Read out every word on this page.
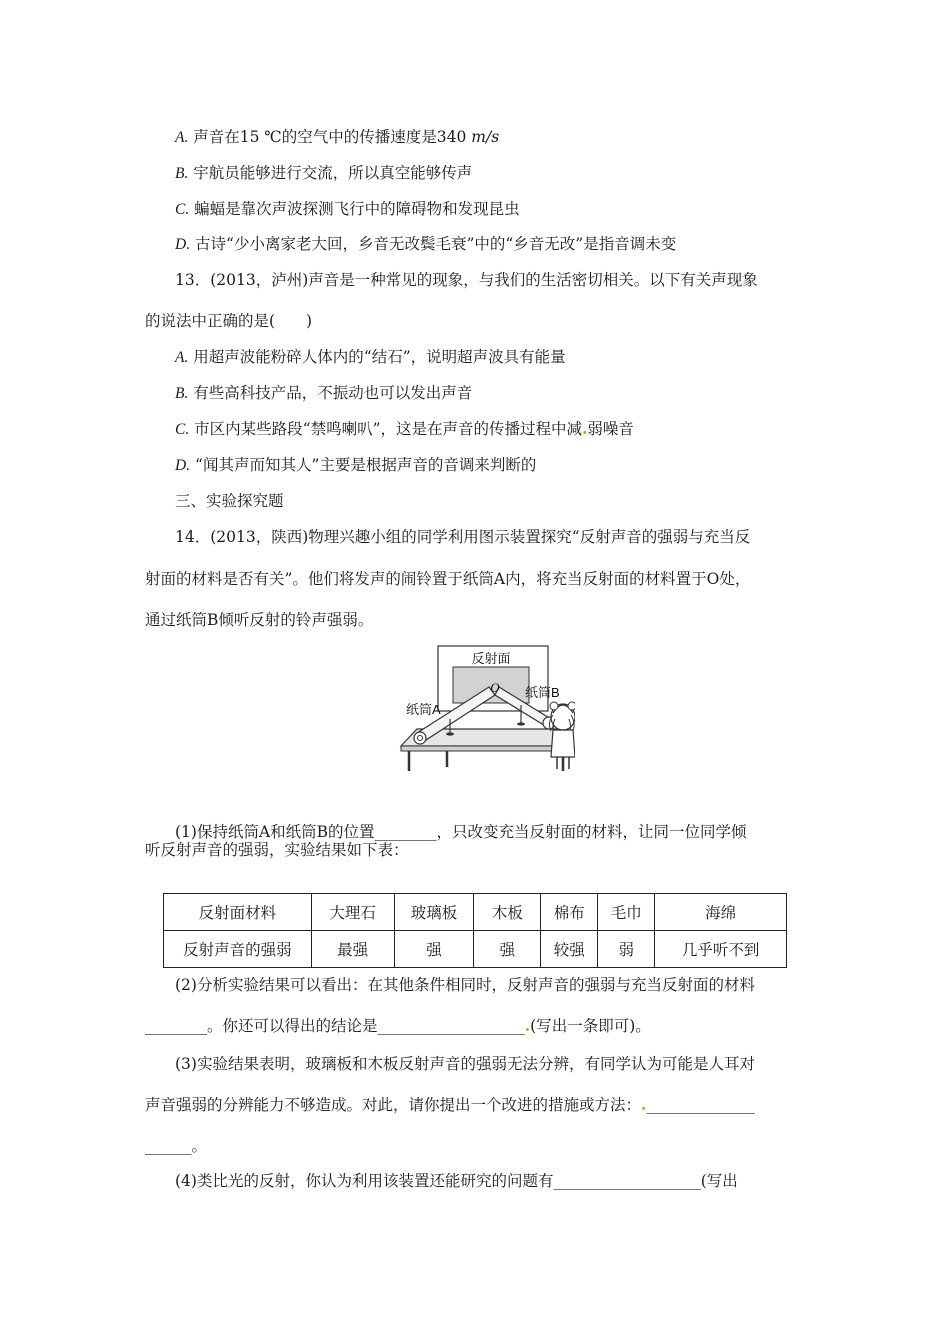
A. 声音在15 ℃的空气中的传播速度是340 m/s
B. 宇航员能够进行交流，所以真空能够传声
C. 蝙蝠是靠次声波探测飞行中的障碍物和发现昆虫
D. 古诗“少小离家老大回，乡音无改鬓毛衰”中的“乡音无改”是指音调未变
13．(2013，泸州)声音是一种常见的现象，与我们的生活密切相关。以下有关声现象
的说法中正确的是(　　)
A. 用超声波能粉碎人体内的“结石”，说明超声波具有能量
B. 有些高科技产品，不振动也可以发出声音
C. 市区内某些路段“禁鸣喇叭”，这是在声音的传播过程中减.弱噪音
D. “闻其声而知其人”主要是根据声音的音调来判断的
三、实验探究题
14．(2013，陕西)物理兴趣小组的同学利用图示装置探究“反射声音的强弱与充当反
射面的材料是否有关”。他们将发声的闹铃置于纸筒A内，将充当反射面的材料置于O处，
通过纸筒B倾听反射的铃声强弱。
反射面
O
纸筒A
纸筒B
(1)保持纸筒A和纸筒B的位置________，只改变充当反射面的材料，让同一位同学倾
听反射声音的强弱，实验结果如下表：
反射面材料	大理石	玻璃板	木板	棉布	毛巾	海绵
反射声音的强弱	最强	强	强	较强	弱	几乎听不到
(2)分析实验结果可以看出：在其他条件相同时，反射声音的强弱与充当反射面的材料
________。你还可以得出的结论是___________________.(写出一条即可)。
(3)实验结果表明，玻璃板和木板反射声音的强弱无法分辨，有同学认为可能是人耳对
声音强弱的分辨能力不够造成。对此，请你提出一个改进的措施或方法：.______________
______。
(4)类比光的反射，你认为利用该装置还能研究的问题有___________________(写出
